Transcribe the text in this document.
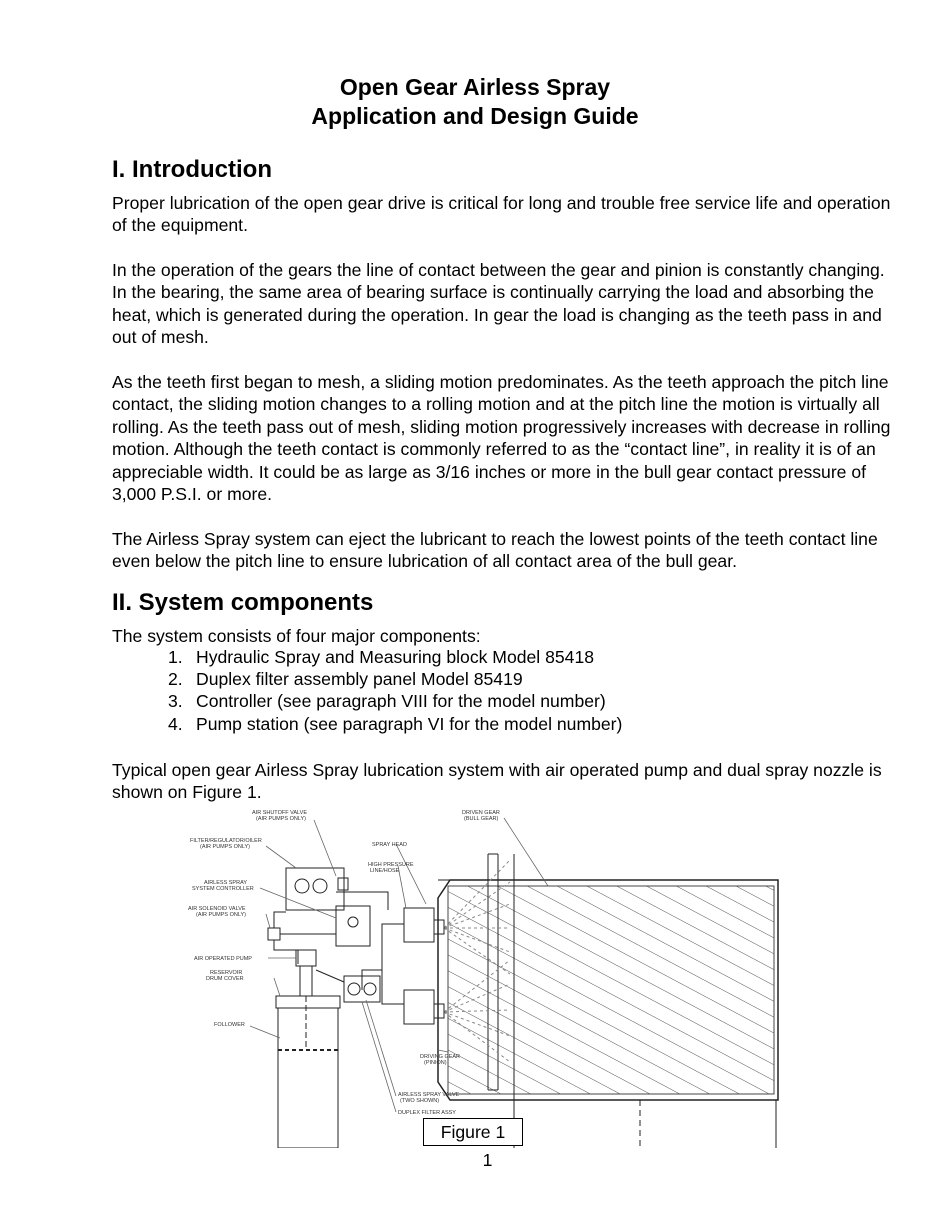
Open Gear Airless Spray
Application and Design Guide
I. Introduction
Proper lubrication of the open gear drive is critical for long and trouble free service life and operation of the equipment.
In the operation of the gears the line of contact between the gear and pinion is constantly changing. In the bearing, the same area of bearing surface is continually carrying the load and absorbing the heat, which is generated during the operation. In gear the load is changing as the teeth pass in and out of mesh.
As the teeth first began to mesh, a sliding motion predominates. As the teeth approach the pitch line contact, the sliding motion changes to a rolling motion and at the pitch line the motion is virtually all rolling. As the teeth pass out of mesh, sliding motion progressively increases with decrease in rolling motion. Although the teeth contact is commonly referred to as the “contact line”, in reality it is of an appreciable width. It could be as large as 3/16 inches or more in the bull gear contact pressure of 3,000 P.S.I. or more.
The Airless Spray system can eject the lubricant to reach the lowest points of the teeth contact line even below the pitch line to ensure lubrication of all contact area of the bull gear.
II. System components
The system consists of four major components:
1. Hydraulic Spray and Measuring block Model 85418
2. Duplex filter assembly panel Model 85419
3. Controller (see paragraph VIII for the model number)
4. Pump station (see paragraph VI for the model number)
Typical open gear Airless Spray lubrication system with air operated pump and dual spray nozzle is shown on Figure 1.
AIR SHUTOFF VALVE
(AIR PUMPS ONLY)
FILTER/REGULATOR/OILER
(AIR PUMPS ONLY)
AIRLESS SPRAY
SYSTEM CONTROLLER
AIR SOLENOID VALVE
(AIR PUMPS ONLY)
AIR OPERATED PUMP
RESERVOIR
DRUM COVER
FOLLOWER
SPRAY HEAD
HIGH PRESSURE
LINE/HOSE
DRIVEN GEAR
(BULL GEAR)
DRIVING GEAR
(PINION)
AIRLESS SPRAY VALVE
(TWO SHOWN)
DUPLEX FILTER ASSY
Figure 1
1
